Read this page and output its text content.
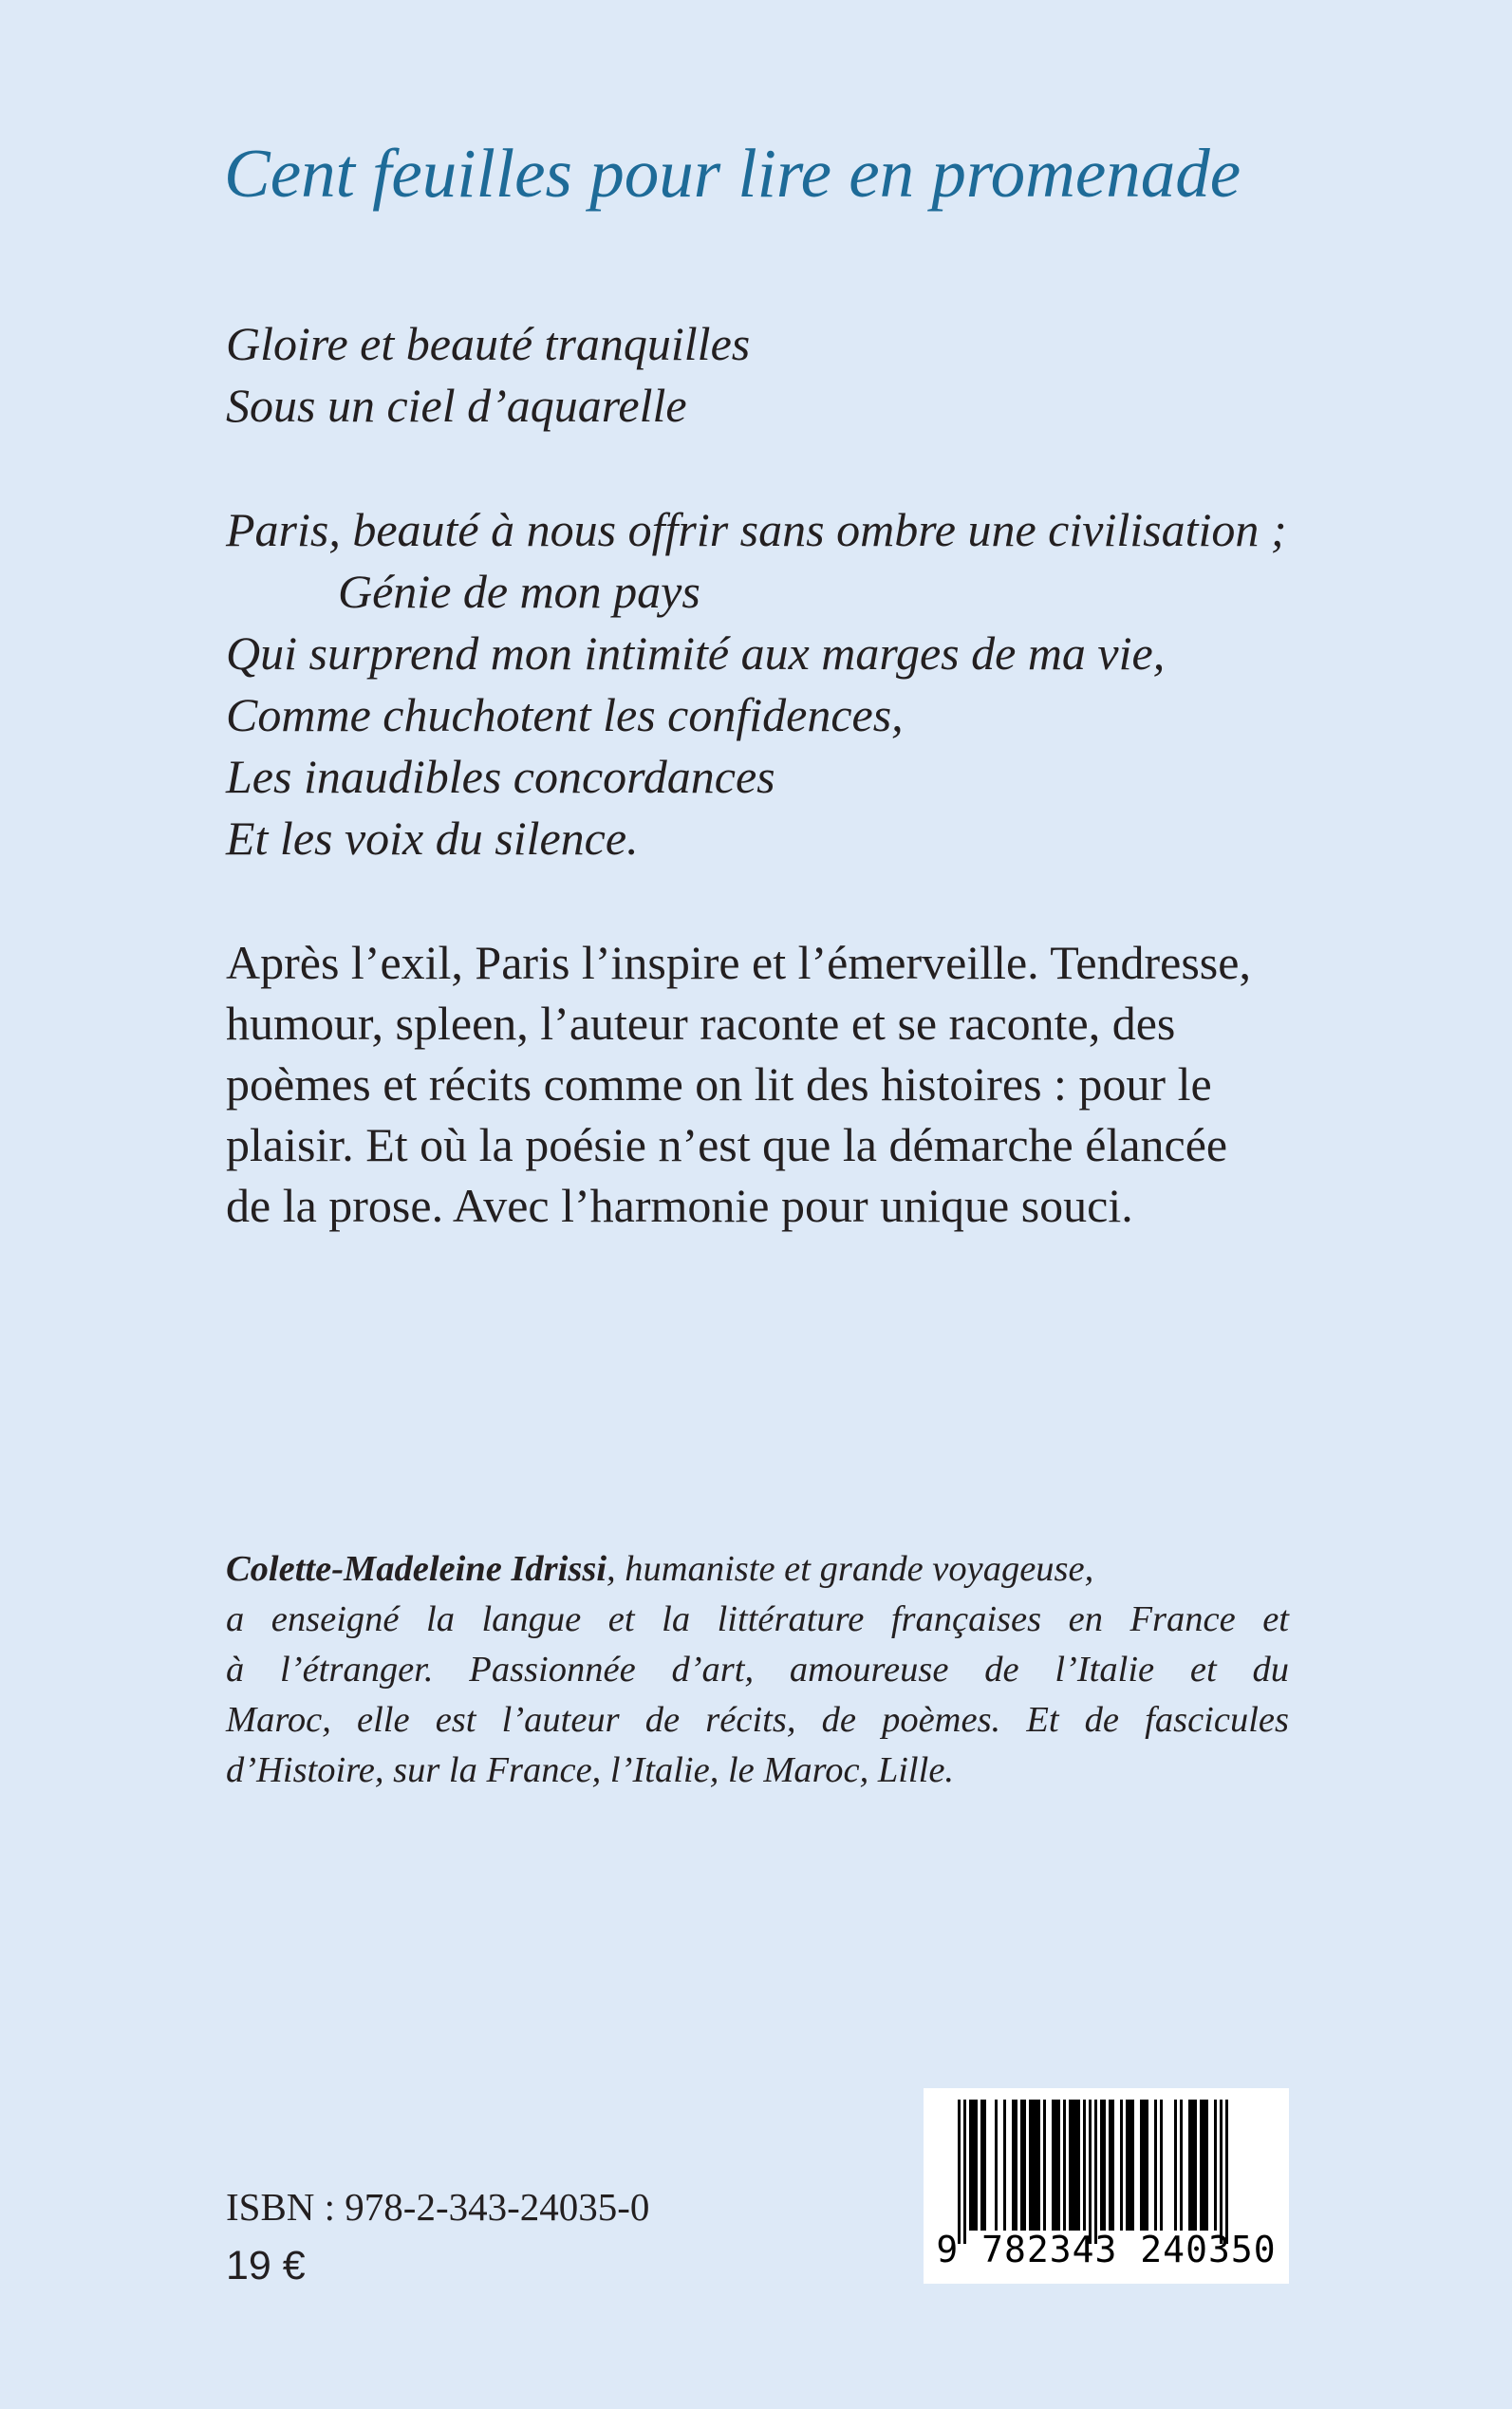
Cent feuilles pour lire en promenade
Gloire et beauté tranquilles
Sous un ciel d’aquarelle
Paris, beauté à nous offrir sans ombre une civilisation ;
Génie de mon pays
Qui surprend mon intimité aux marges de ma vie,
Comme chuchotent les confidences,
Les inaudibles concordances
Et les voix du silence.
Après l’exil, Paris l’inspire et l’émerveille. Tendresse,
humour, spleen, l’auteur raconte et se raconte, des
poèmes et récits comme on lit des histoires : pour le
plaisir. Et où la poésie n’est que la démarche élancée
de la prose. Avec l’harmonie pour unique souci.
Colette-Madeleine Idrissi, humaniste et grande voyageuse,
a enseigné la langue et la littérature françaises en France et
à l’étranger. Passionnée d’art, amoureuse de l’Italie et du
Maroc, elle est l’auteur de récits, de poèmes. Et de fascicules
d’Histoire, sur la France, l’Italie, le Maroc, Lille.
ISBN : 978-2-343-24035-0
19 €	9 782343 240350
